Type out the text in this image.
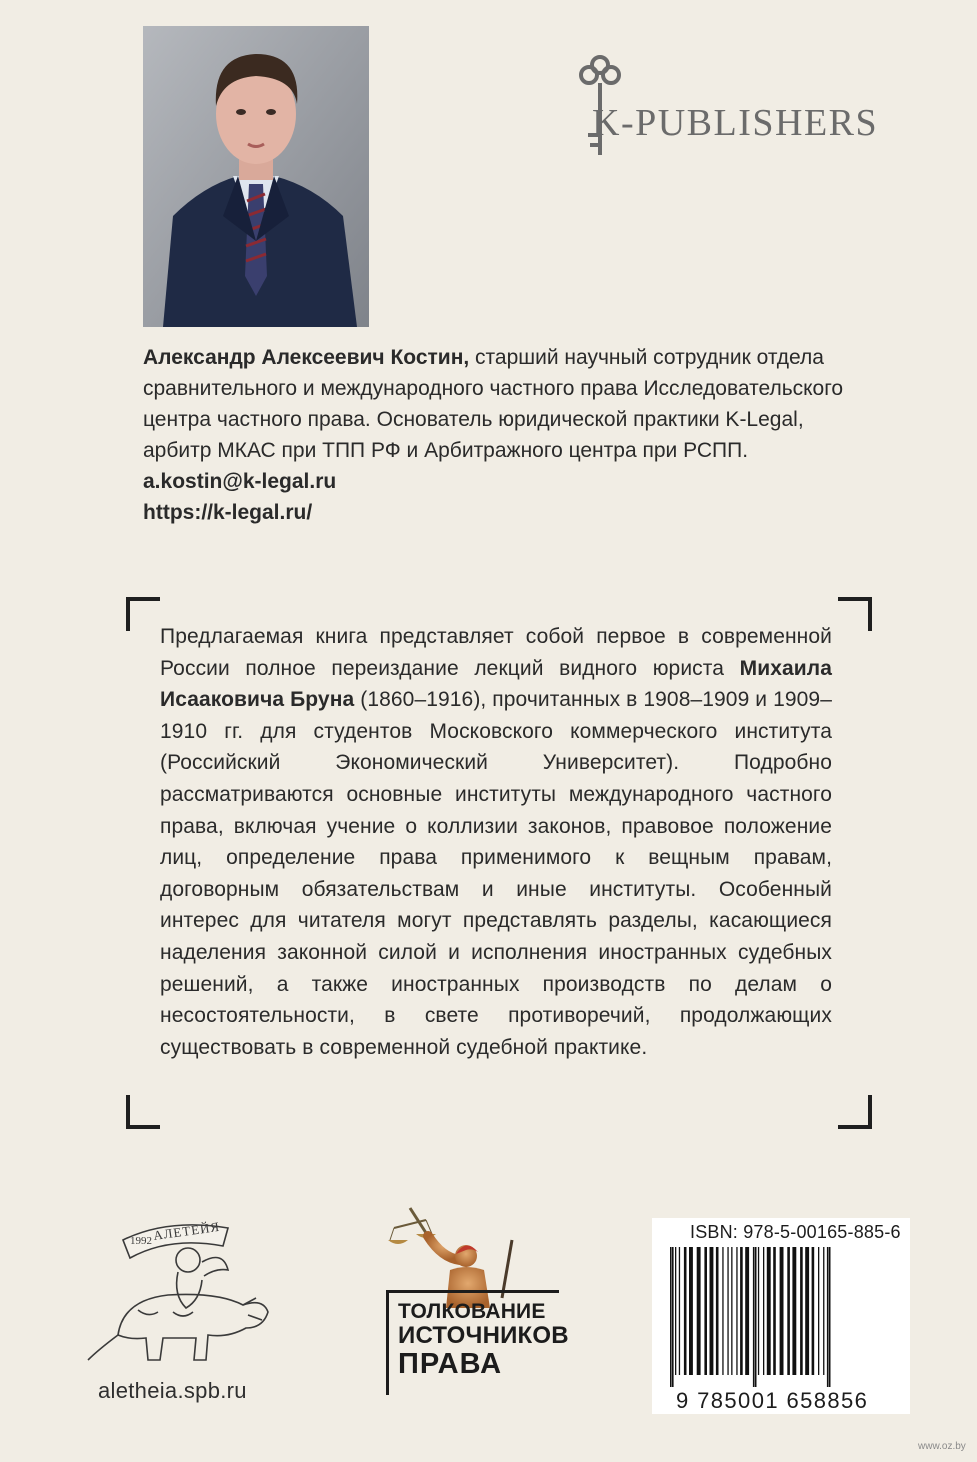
K-PUBLISHERS
Александр Алексеевич Костин, старший научный сотрудник отдела сравнительного и международного частного права Исследовательского центра частного права. Основатель юридической практики K-Legal, арбитр МКАС при ТПП РФ и Арбитражного центра при РСПП.
a.kostin@k-legal.ru
https://k-legal.ru/
Предлагаемая книга представляет собой первое в современной России полное переиздание лекций видного юриста Михаила Исааковича Бруна (1860–1916), прочитанных в 1908–1909 и 1909–1910 гг. для студентов Московского коммерческого института (Российский Экономический Университет). Подробно рассматриваются основные институты международного частного права, включая учение о коллизии законов, правовое положение лиц, определение права применимого к вещным правам, договорным обязательствам и иные институты. Особенный интерес для читателя могут представлять разделы, касающиеся наделения законной силой и исполнения иностранных судебных решений, а также иностранных производств по делам о несостоятельности, в свете противоречий, продолжающих существовать в современной судебной практике.
1992 АЛЕТЕЙЯ
aletheia.spb.ru
ТОЛКОВАНИЕ
ИСТОЧНИКОВ
ПРАВА
ISBN: 978-5-00165-885-6
9 785001 658856
www.oz.by
